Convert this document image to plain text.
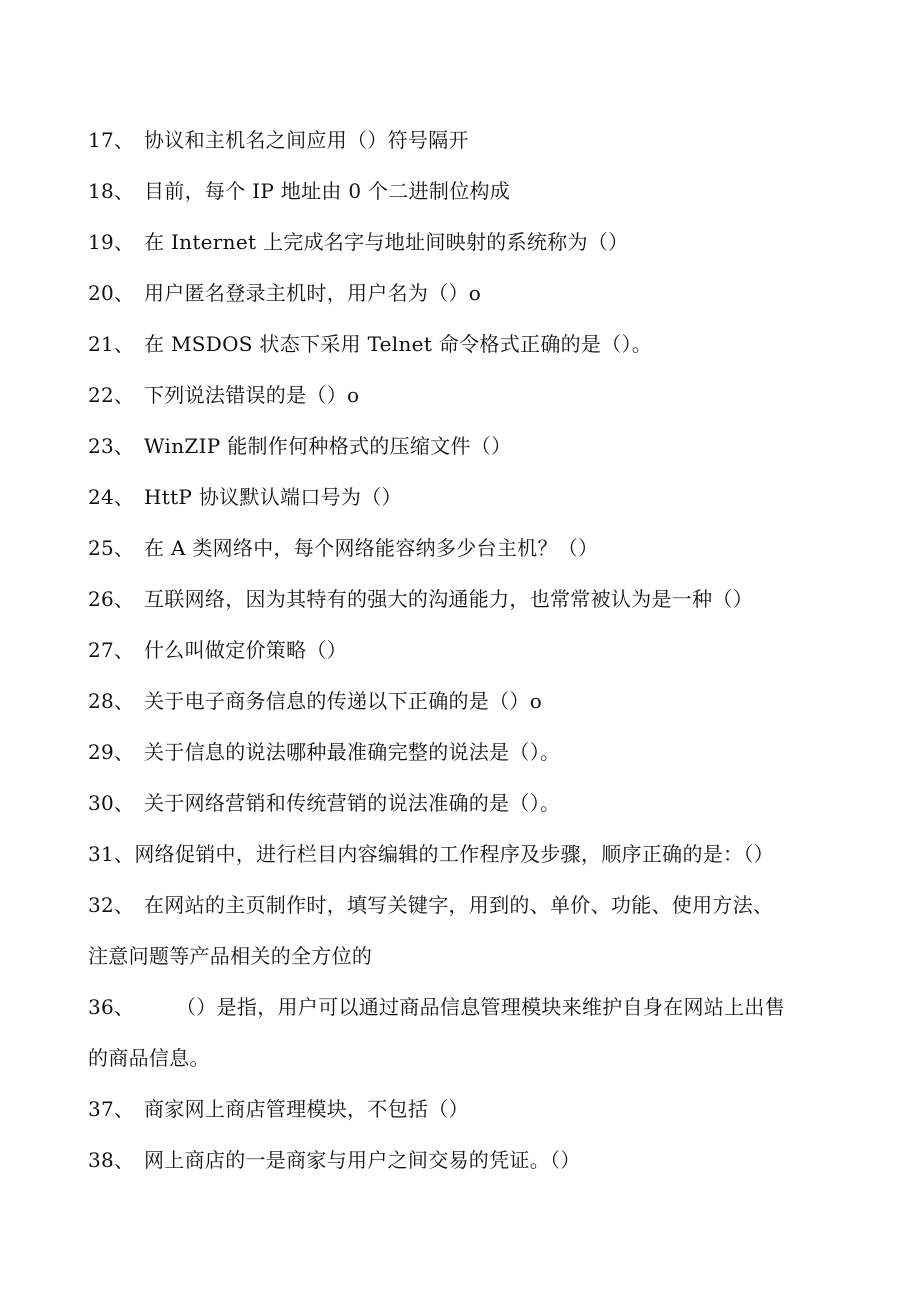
17、 协议和主机名之间应用（）符号隔开
18、 目前，每个 IP 地址由 0 个二进制位构成
19、 在 Internet 上完成名字与地址间映射的系统称为（）
20、 用户匿名登录主机时，用户名为（）o
21、 在 MSDOS 状态下采用 Telnet 命令格式正确的是（）。
22、 下列说法错误的是（）o
23、 WinZIP 能制作何种格式的压缩文件（）
24、 HttP 协议默认端口号为（）
25、 在 A 类网络中，每个网络能容纳多少台主机？（）
26、 互联网络，因为其特有的强大的沟通能力，也常常被认为是一种（）
27、 什么叫做定价策略（）
28、 关于电子商务信息的传递以下正确的是（）o
29、 关于信息的说法哪种最准确完整的说法是（）。
30、 关于网络营销和传统营销的说法准确的是（）。
31、网络促销中，进行栏目内容编辑的工作程序及步骤，顺序正确的是：（）
32、 在网站的主页制作时，填写关键字，用到的、单价、功能、使用方法、
注意问题等产品相关的全方位的
36、 （）是指，用户可以通过商品信息管理模块来维护自身在网站上出售
的商品信息。
37、 商家网上商店管理模块，不包括（）
38、 网上商店的一是商家与用户之间交易的凭证。（）
